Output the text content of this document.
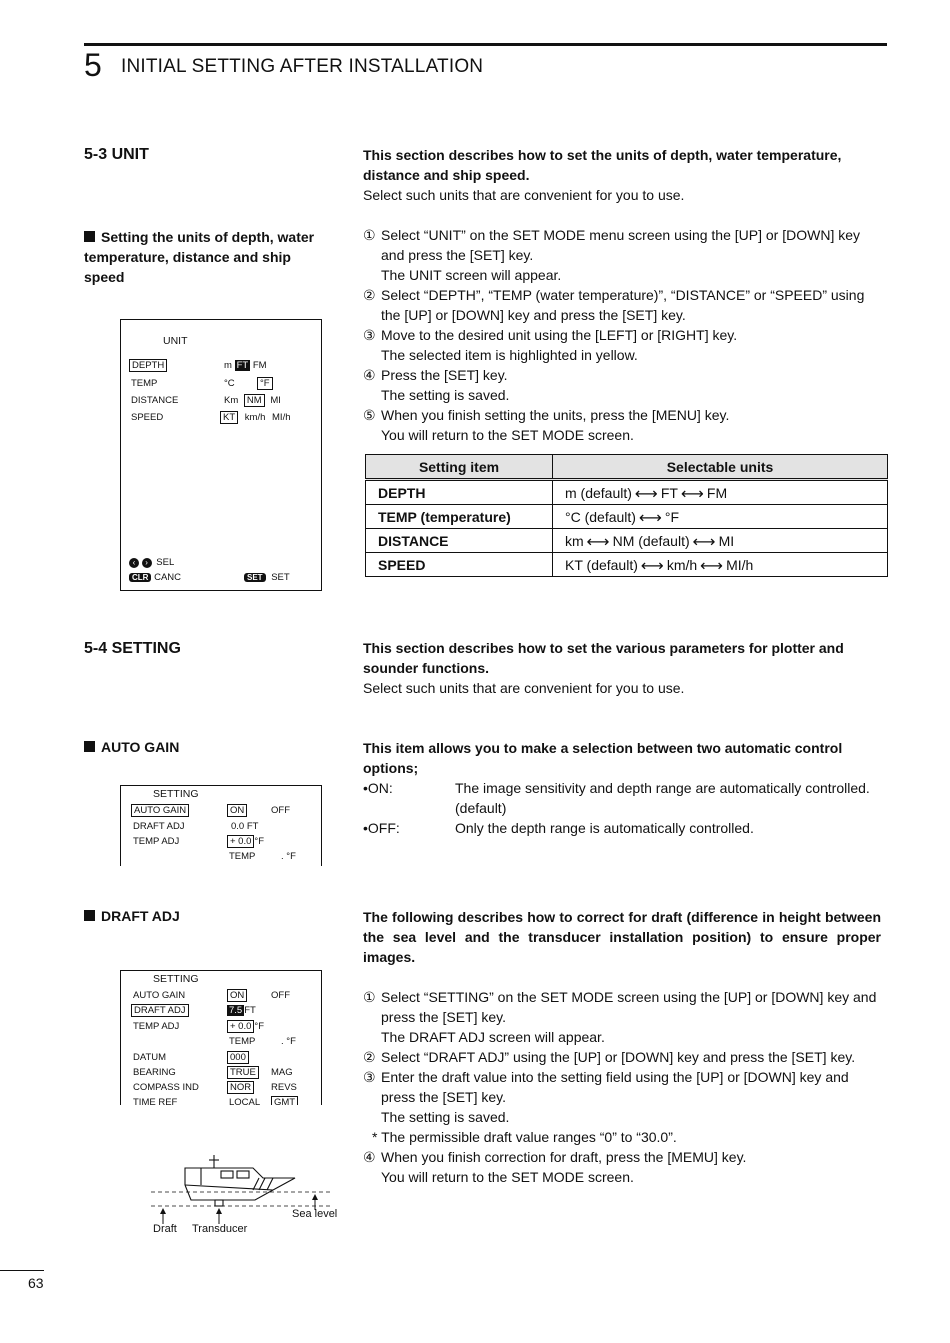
5 INITIAL SETTING AFTER INSTALLATION
5-3 UNIT
Setting the units of depth, water temperature, distance and ship speed
UNIT
DEPTH	m FT FM
TEMP	°C	°F
DISTANCE	Km NM MI
SPEED	KT km/h MI/h
‹ › SEL
CLR CANC	SET SET
This section describes how to set the units of depth, water temperature, distance and ship speed.
Select such units that are convenient for you to use.
① Select “UNIT” on the SET MODE menu screen using the [UP] or [DOWN] key and press the [SET] key.
The UNIT screen will appear.
② Select “DEPTH”, “TEMP (water temperature)”, “DISTANCE” or “SPEED” using the [UP] or [DOWN] key and press the [SET] key.
③ Move to the desired unit using the [LEFT] or [RIGHT] key.
The selected item is highlighted in yellow.
④ Press the [SET] key.
The setting is saved.
⑤ When you finish setting the units, press the [MENU] key.
You will return to the SET MODE screen.
Setting item	Selectable units
DEPTH	m (default) ⟷ FT ⟷ FM
TEMP (temperature)	°C (default) ⟷ °F
DISTANCE	km ⟷ NM (default) ⟷ MI
SPEED	KT (default) ⟷ km/h ⟷ MI/h
5-4 SETTING	This section describes how to set the various parameters for plotter and sounder functions.
Select such units that are convenient for you to use.
AUTO GAIN
SETTING
AUTO GAIN	ON	OFF
DRAFT ADJ	0.0 FT
TEMP ADJ	+ 0.0 °F
TEMP	. °F
This item allows you to make a selection between two automatic control options;
•ON:	The image sensitivity and depth range are automatically controlled.
(default)
•OFF:	Only the depth range is automatically controlled.
DRAFT ADJ
SETTING
AUTO GAIN	ON	OFF
DRAFT ADJ	7.5 FT
TEMP ADJ	+ 0.0 °F
TEMP	. °F
DATUM	000
BEARING	TRUE	MAG
COMPASS IND	NOR	REVS
TIME REF	LOCAL	GMT
Draft Transducer
Sea level
The following describes how to correct for draft (difference in height between the sea level and the transducer installation position) to ensure proper images.
① Select “SETTING” on the SET MODE screen using the [UP] or [DOWN] key and press the [SET] key.
The DRAFT ADJ screen will appear.
② Select “DRAFT ADJ” using the [UP] or [DOWN] key and press the [SET] key.
③ Enter the draft value into the setting field using the [UP] or [DOWN] key and press the [SET] key.
The setting is saved.
* The permissible draft value ranges “0” to “30.0”.
④ When you finish correction for draft, press the [MEMU] key.
You will return to the SET MODE screen.
63
